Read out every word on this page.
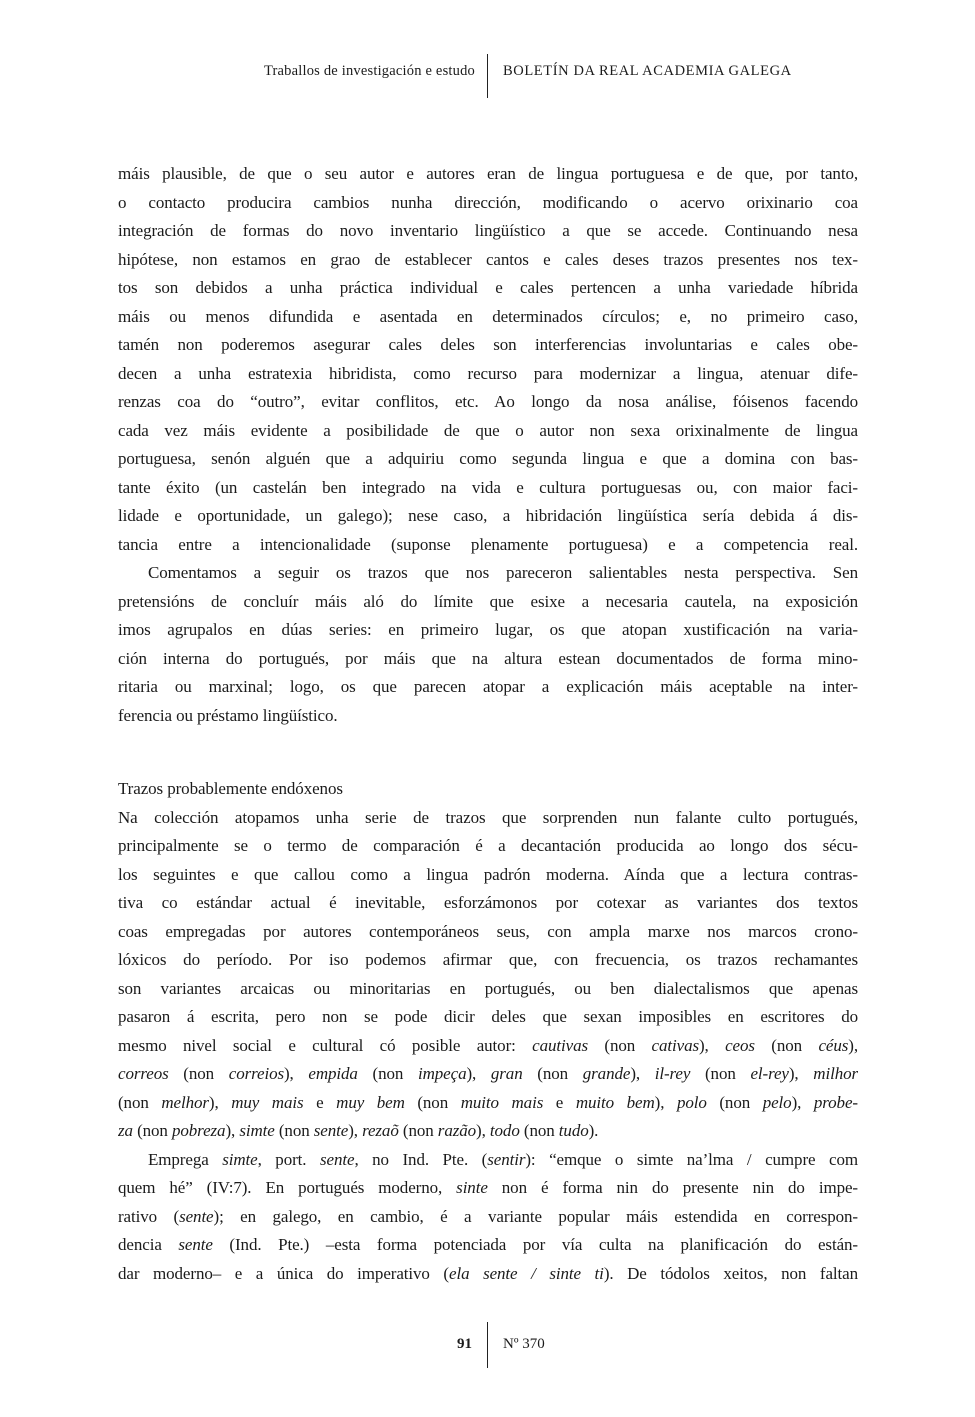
Traballos de investigación e estudo BOLETÍN DA REAL ACADEMIA GALEGA
máis plausible, de que o seu autor e autores eran de lingua portuguesa e de que, por tanto,
o contacto producira cambios nunha dirección, modificando o acervo orixinario coa
integración de formas do novo inventario lingüístico a que se accede. Continuando nesa
hipótese, non estamos en grao de establecer cantos e cales deses trazos presentes nos tex-
tos son debidos a unha práctica individual e cales pertencen a unha variedade híbrida
máis ou menos difundida e asentada en determinados círculos; e, no primeiro caso,
tamén non poderemos asegurar cales deles son interferencias involuntarias e cales obe-
decen a unha estratexia hibridista, como recurso para modernizar a lingua, atenuar dife-
renzas coa do “outro”, evitar conflitos, etc. Ao longo da nosa análise, fóisenos facendo
cada vez máis evidente a posibilidade de que o autor non sexa orixinalmente de lingua
portuguesa, senón alguén que a adquiriu como segunda lingua e que a domina con bas-
tante éxito (un castelán ben integrado na vida e cultura portuguesas ou, con maior faci-
lidade e oportunidade, un galego); nese caso, a hibridación lingüística sería debida á dis-
tancia entre a intencionalidade (suponse plenamente portuguesa) e a competencia real.
Comentamos a seguir os trazos que nos pareceron salientables nesta perspectiva. Sen
pretensións de concluír máis aló do límite que esixe a necesaria cautela, na exposición
imos agrupalos en dúas series: en primeiro lugar, os que atopan xustificación na varia-
ción interna do portugués, por máis que na altura estean documentados de forma mino-
ritaria ou marxinal; logo, os que parecen atopar a explicación máis aceptable na inter-
ferencia ou préstamo lingüístico.
Trazos probablemente endóxenos
Na colección atopamos unha serie de trazos que sorprenden nun falante culto portugués,
principalmente se o termo de comparación é a decantación producida ao longo dos sécu-
los seguintes e que callou como a lingua padrón moderna. Aínda que a lectura contras-
tiva co estándar actual é inevitable, esforzámonos por cotexar as variantes dos textos
coas empregadas por autores contemporáneos seus, con ampla marxe nos marcos crono-
lóxicos do período. Por iso podemos afirmar que, con frecuencia, os trazos rechamantes
son variantes arcaicas ou minoritarias en portugués, ou ben dialectalismos que apenas
pasaron á escrita, pero non se pode dicir deles que sexan imposibles en escritores do
mesmo nivel social e cultural có posible autor: cautivas (non cativas), ceos (non céus),
correos (non correios), empida (non impeça), gran (non grande), il-rey (non el-rey), milhor
(non melhor), muy mais e muy bem (non muito mais e muito bem), polo (non pelo), probe-
za (non pobreza), simte (non sente), rezaõ (non razão), todo (non tudo).
Emprega simte, port. sente, no Ind. Pte. (sentir): “emque o simte na’lma / cumpre com
quem hé” (IV:7). En portugués moderno, sinte non é forma nin do presente nin do impe-
rativo (sente); en galego, en cambio, é a variante popular máis estendida en correspon-
dencia sente (Ind. Pte.) –esta forma potenciada por vía culta na planificación do están-
dar moderno– e a única do imperativo (ela sente / sinte ti). De tódolos xeitos, non faltan
91 Nº 370
